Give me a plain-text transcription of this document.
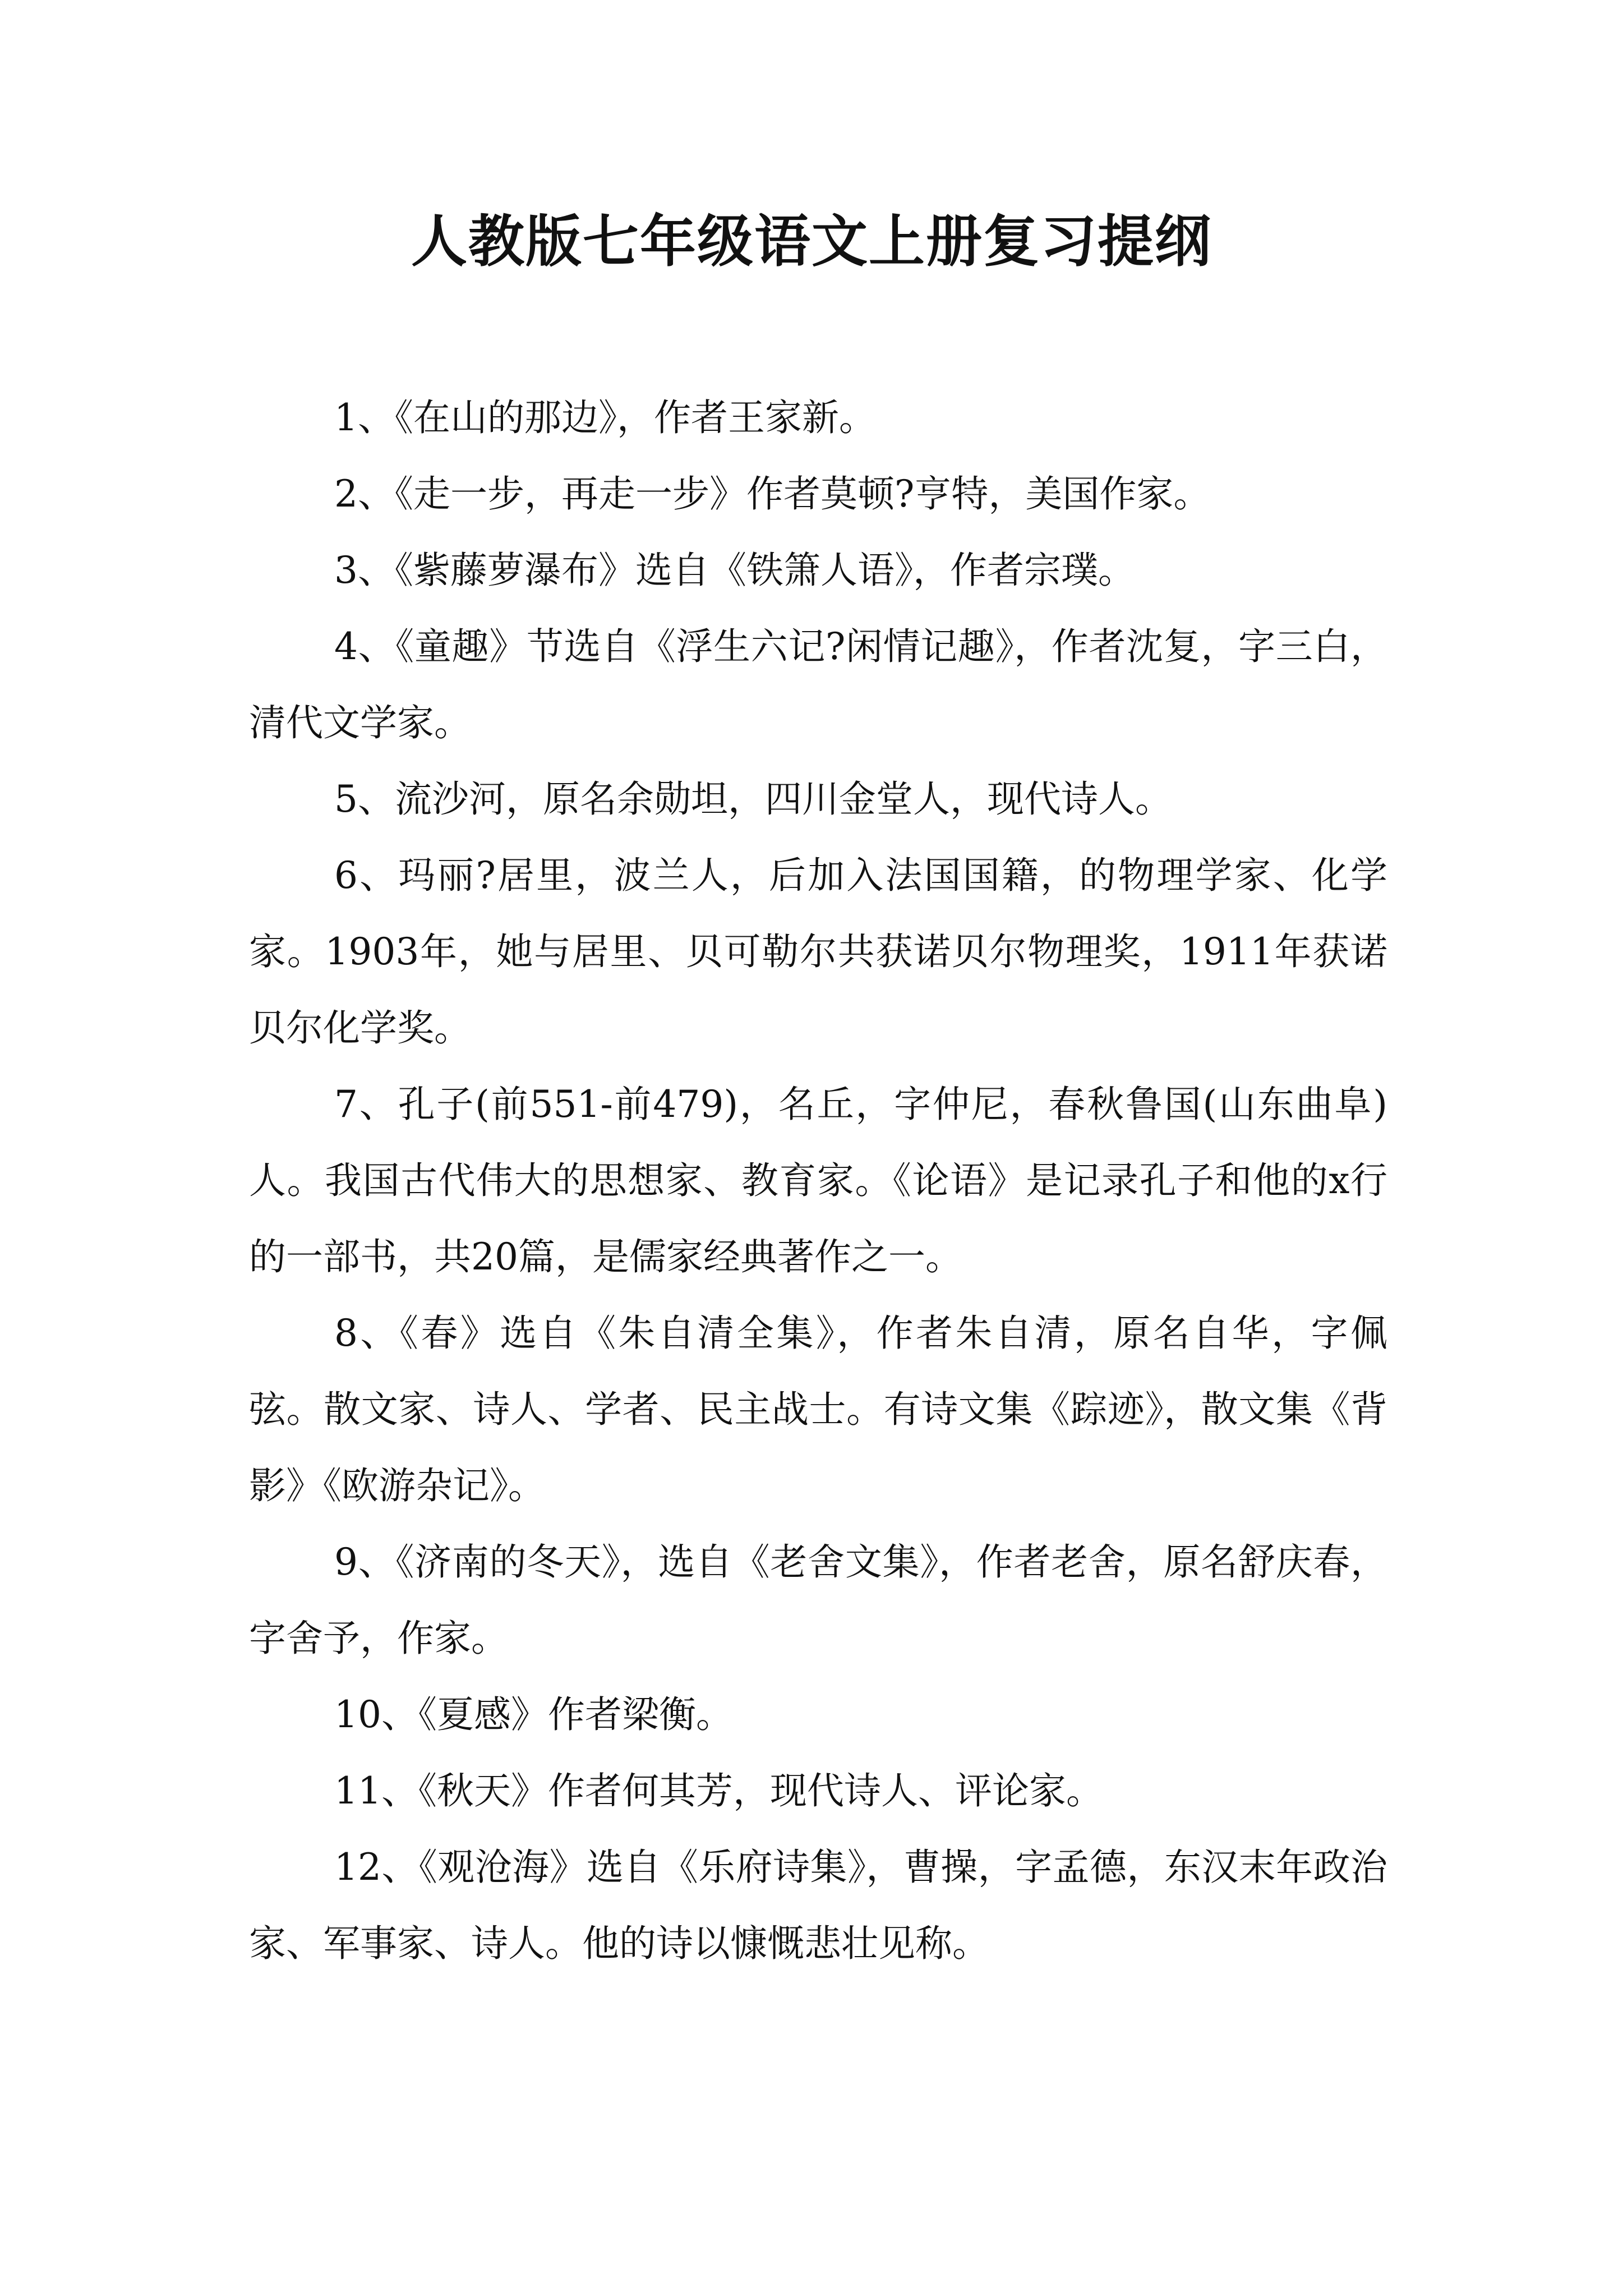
人教版七年级语文上册复习提纲

1、《在山的那边》，作者王家新。

2、《走一步，再走一步》作者莫顿?亨特，美国作家。

3、《紫藤萝瀑布》选自《铁箫人语》，作者宗璞。

4、《童趣》节选自《浮生六记?闲情记趣》，作者沈复，字三白，清代文学家。

5、流沙河，原名余勋坦，四川金堂人，现代诗人。

6、玛丽?居里，波兰人，后加入法国国籍，的物理学家、化学家。1903年，她与居里、贝可勒尔共获诺贝尔物理奖，1911年获诺贝尔化学奖。

7、孔子(前551-前479)，名丘，字仲尼，春秋鲁国(山东曲阜)人。我国古代伟大的思想家、教育家。《论语》是记录孔子和他的x行的一部书，共20篇，是儒家经典著作之一。

8、《春》选自《朱自清全集》，作者朱自清，原名自华，字佩弦。散文家、诗人、学者、民主战士。有诗文集《踪迹》，散文集《背影》《欧游杂记》。

9、《济南的冬天》，选自《老舍文集》，作者老舍，原名舒庆春，字舍予，作家。

10、《夏感》作者梁衡。

11、《秋天》作者何其芳，现代诗人、评论家。

12、《观沧海》选自《乐府诗集》，曹操，字孟德，东汉末年政治家、军事家、诗人。他的诗以慷慨悲壮见称。
